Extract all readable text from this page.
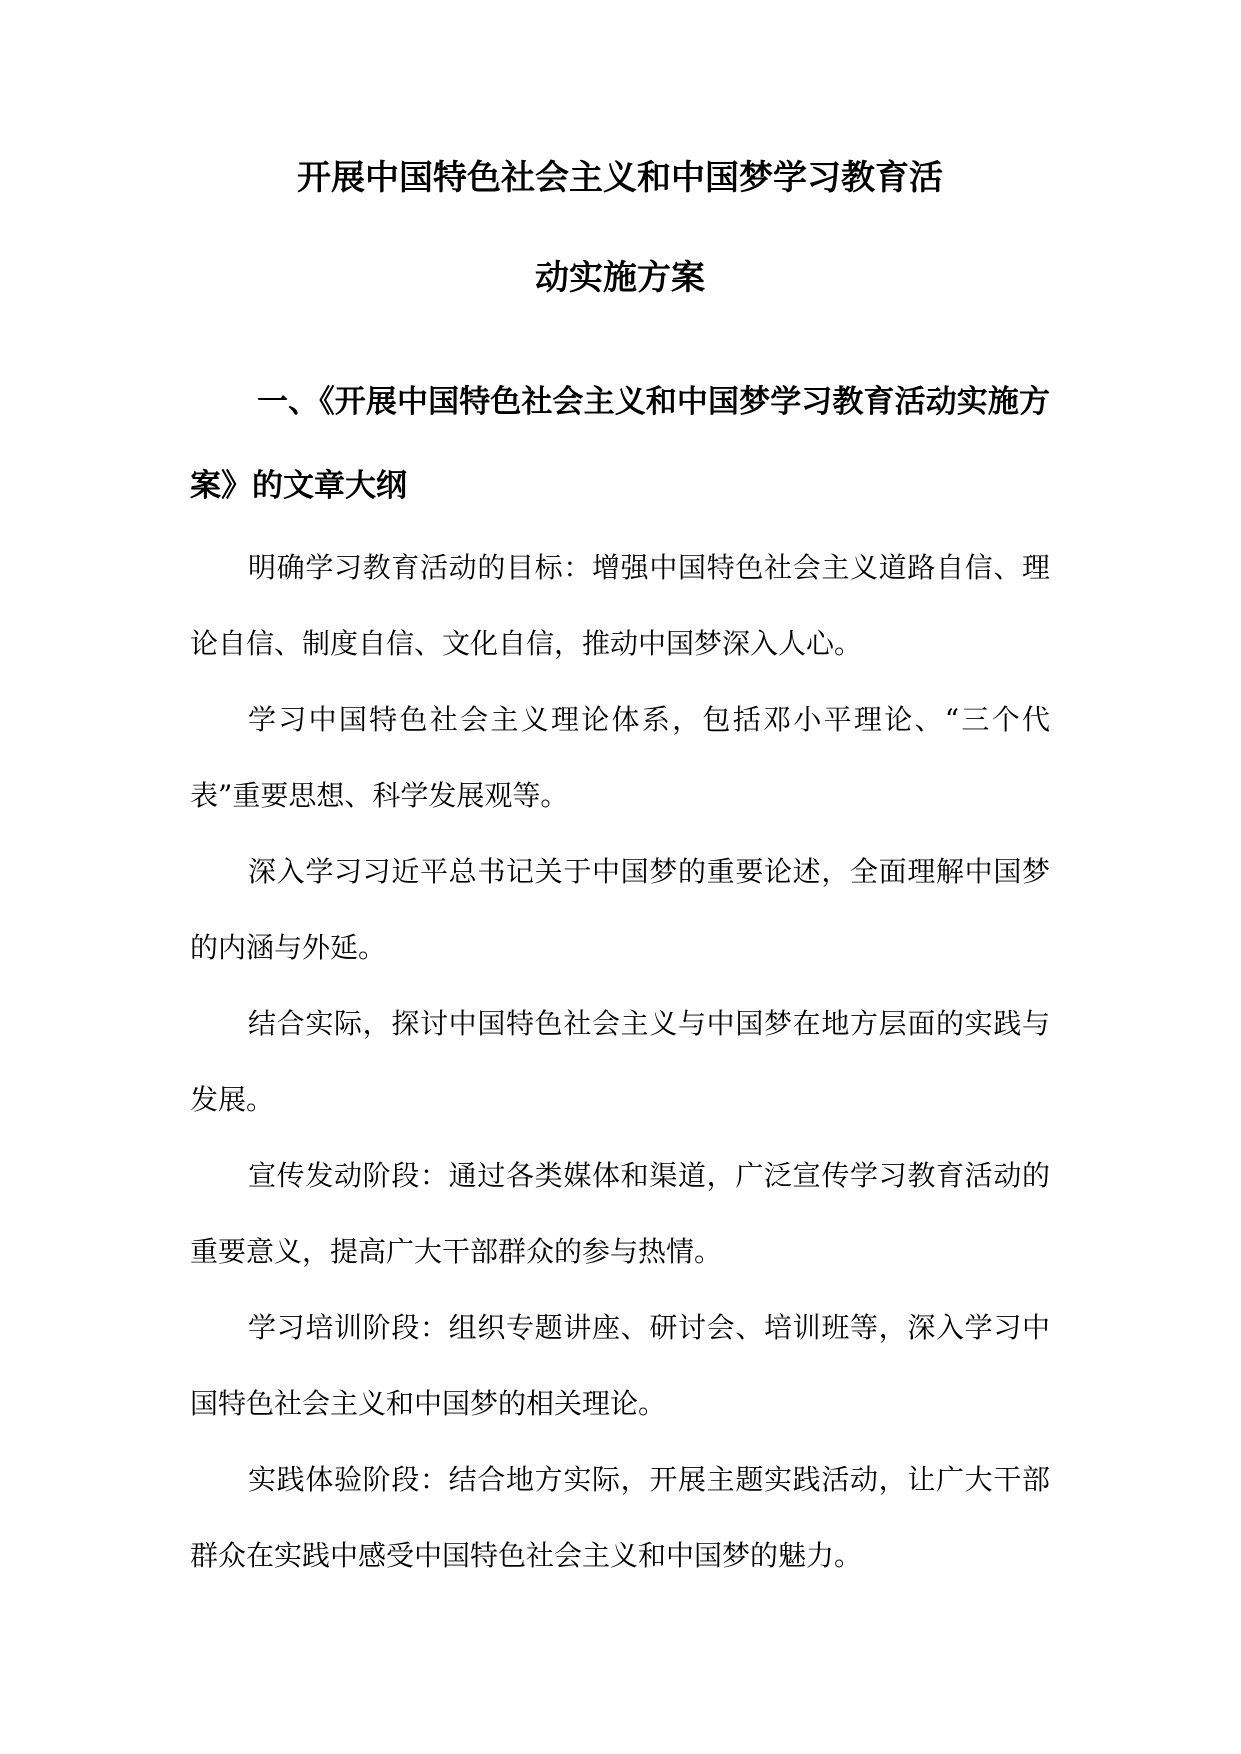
开展中国特色社会主义和中国梦学习教育活
动实施方案
一、《开展中国特色社会主义和中国梦学习教育活动实施方案》的文章大纲

明确学习教育活动的目标：增强中国特色社会主义道路自信、理论自信、制度自信、文化自信，推动中国梦深入人心。

学习中国特色社会主义理论体系，包括邓小平理论、“三个代表”重要思想、科学发展观等。

深入学习习近平总书记关于中国梦的重要论述，全面理解中国梦的内涵与外延。

结合实际，探讨中国特色社会主义与中国梦在地方层面的实践与发展。

宣传发动阶段：通过各类媒体和渠道，广泛宣传学习教育活动的重要意义，提高广大干部群众的参与热情。

学习培训阶段：组织专题讲座、研讨会、培训班等，深入学习中国特色社会主义和中国梦的相关理论。

实践体验阶段：结合地方实际，开展主题实践活动，让广大干部群众在实践中感受中国特色社会主义和中国梦的魅力。
